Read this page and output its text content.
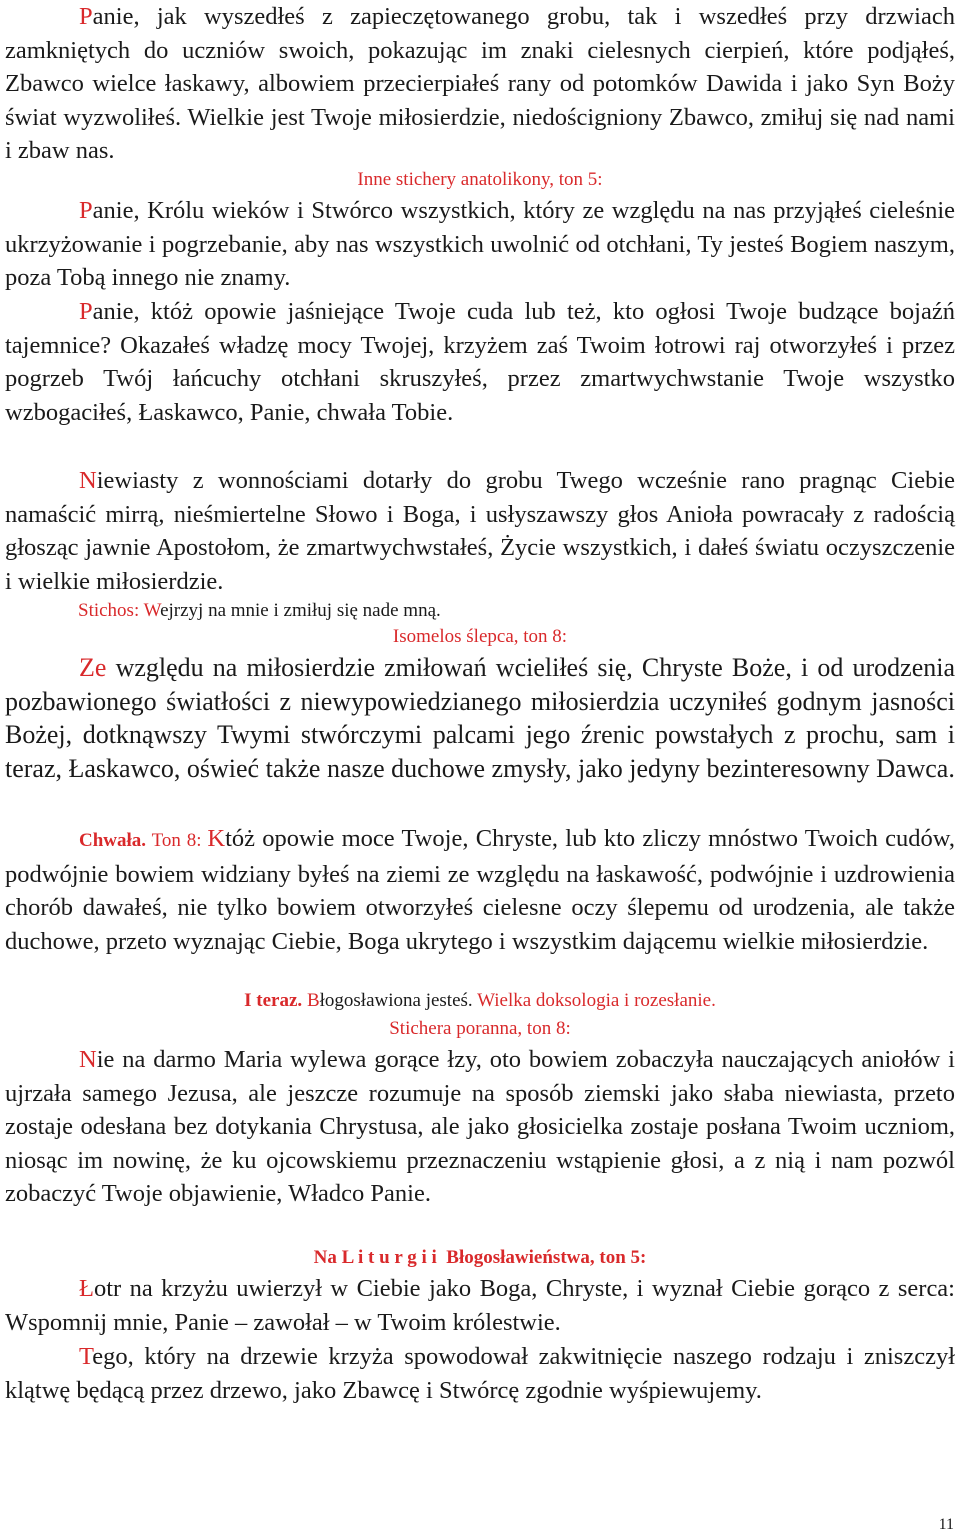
Panie, jak wyszedłeś z zapieczętowanego grobu, tak i wszedłeś przy drzwiach zamkniętych do uczniów swoich, pokazując im znaki cielesnych cierpień, które podjąłeś, Zbawco wielce łaskawy, albowiem przecierpiałeś rany od potomków Dawida i jako Syn Boży świat wyzwoliłeś. Wielkie jest Twoje miłosierdzie, niedościgniony Zbawco, zmiłuj się nad nami i zbaw nas.

Inne stichery anatolikony, ton 5:

Panie, Królu wieków i Stwórco wszystkich, który ze względu na nas przyjąłeś cieleśnie ukrzyżowanie i pogrzebanie, aby nas wszystkich uwolnić od otchłani, Ty jesteś Bogiem naszym, poza Tobą innego nie znamy.

Panie, któż opowie jaśniejące Twoje cuda lub też, kto ogłosi Twoje budzące bojaźń tajemnice? Okazałeś władzę mocy Twojej, krzyżem zaś Twoim łotrowi raj otworzyłeś i przez pogrzeb Twój łańcuchy otchłani skruszyłeś, przez zmartwychwstanie Twoje wszystko wzbogaciłeś, Łaskawco, Panie, chwała Tobie.

Niewiasty z wonnościami dotarły do grobu Twego wcześnie rano pragnąc Ciebie namaścić mirrą, nieśmiertelne Słowo i Boga, i usłyszawszy głos Anioła powracały z radością głosząc jawnie Apostołom, że zmartwychwstałeś, Życie wszystkich, i dałeś światu oczyszczenie i wielkie miłosierdzie.

Stichos: Wejrzyj na mnie i zmiłuj się nade mną.

Isomelos ślepca, ton 8:

Ze względu na miłosierdzie zmiłowań wcieliłeś się, Chryste Boże, i od urodzenia pozbawionego światłości z niewypowiedzianego miłosierdzia uczyniłeś godnym jasności Bożej, dotknąwszy Twymi stwórczymi palcami jego źrenic powstałych z prochu, sam i teraz, Łaskawco, oświeć także nasze duchowe zmysły, jako jedyny bezinteresowny Dawca.

Chwała. Ton 8: Któż opowie moce Twoje, Chryste, lub kto zliczy mnóstwo Twoich cudów, podwójnie bowiem widziany byłeś na ziemi ze względu na łaskawość, podwójnie i uzdrowienia chorób dawałeś, nie tylko bowiem otworzyłeś cielesne oczy ślepemu od urodzenia, ale także duchowe, przeto wyznając Ciebie, Boga ukrytego i wszystkim dającemu wielkie miłosierdzie.

I teraz. Błogosławiona jesteś. Wielka doksologia i rozesłanie.

Stichera poranna, ton 8:

Nie na darmo Maria wylewa gorące łzy, oto bowiem zobaczyła nauczających aniołów i ujrzała samego Jezusa, ale jeszcze rozumuje na sposób ziemski jako słaba niewiasta, przeto zostaje odesłana bez dotykania Chrystusa, ale jako głosicielka zostaje posłana Twoim uczniom, niosąc im nowinę, że ku ojcowskiemu przeznaczeniu wstąpienie głosi, a z nią i nam pozwól zobaczyć Twoje objawienie, Władco Panie.

Na L i t u r g i i  Błogosławieństwa, ton 5:

Łotr na krzyżu uwierzył w Ciebie jako Boga, Chryste, i wyznał Ciebie gorąco z serca: Wspomnij mnie, Panie – zawołał – w Twoim królestwie.

Tego, który na drzewie krzyża spowodował zakwitnięcie naszego rodzaju i zniszczył klątwę będącą przez drzewo, jako Zbawcę i Stwórcę zgodnie wyśpiewujemy.

11
